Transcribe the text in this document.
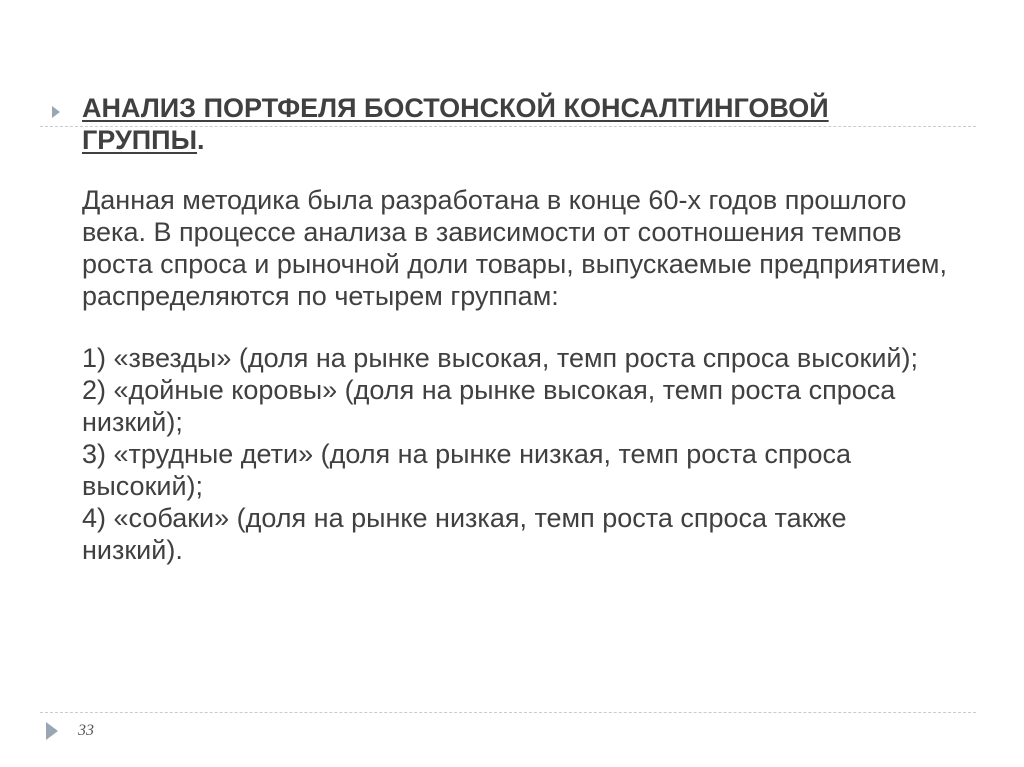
АНАЛИЗ ПОРТФЕЛЯ БОСТОНСКОЙ КОНСАЛТИНГОВОЙ ГРУППЫ.

Данная методика была разработана в конце 60-х годов прошлого века. В процессе анализа в зависимости от соотношения темпов роста спроса и рыночной доли товары, выпускаемые предприятием, распределяются по четырем группам:

1) «звезды» (доля на рынке высокая, темп роста спроса высокий);
2) «дойные коровы» (доля на рынке высокая, темп роста спроса низкий);
3) «трудные дети» (доля на рынке низкая, темп роста спроса высокий);
4) «собаки» (доля на рынке низкая, темп роста спроса также низкий).
33
